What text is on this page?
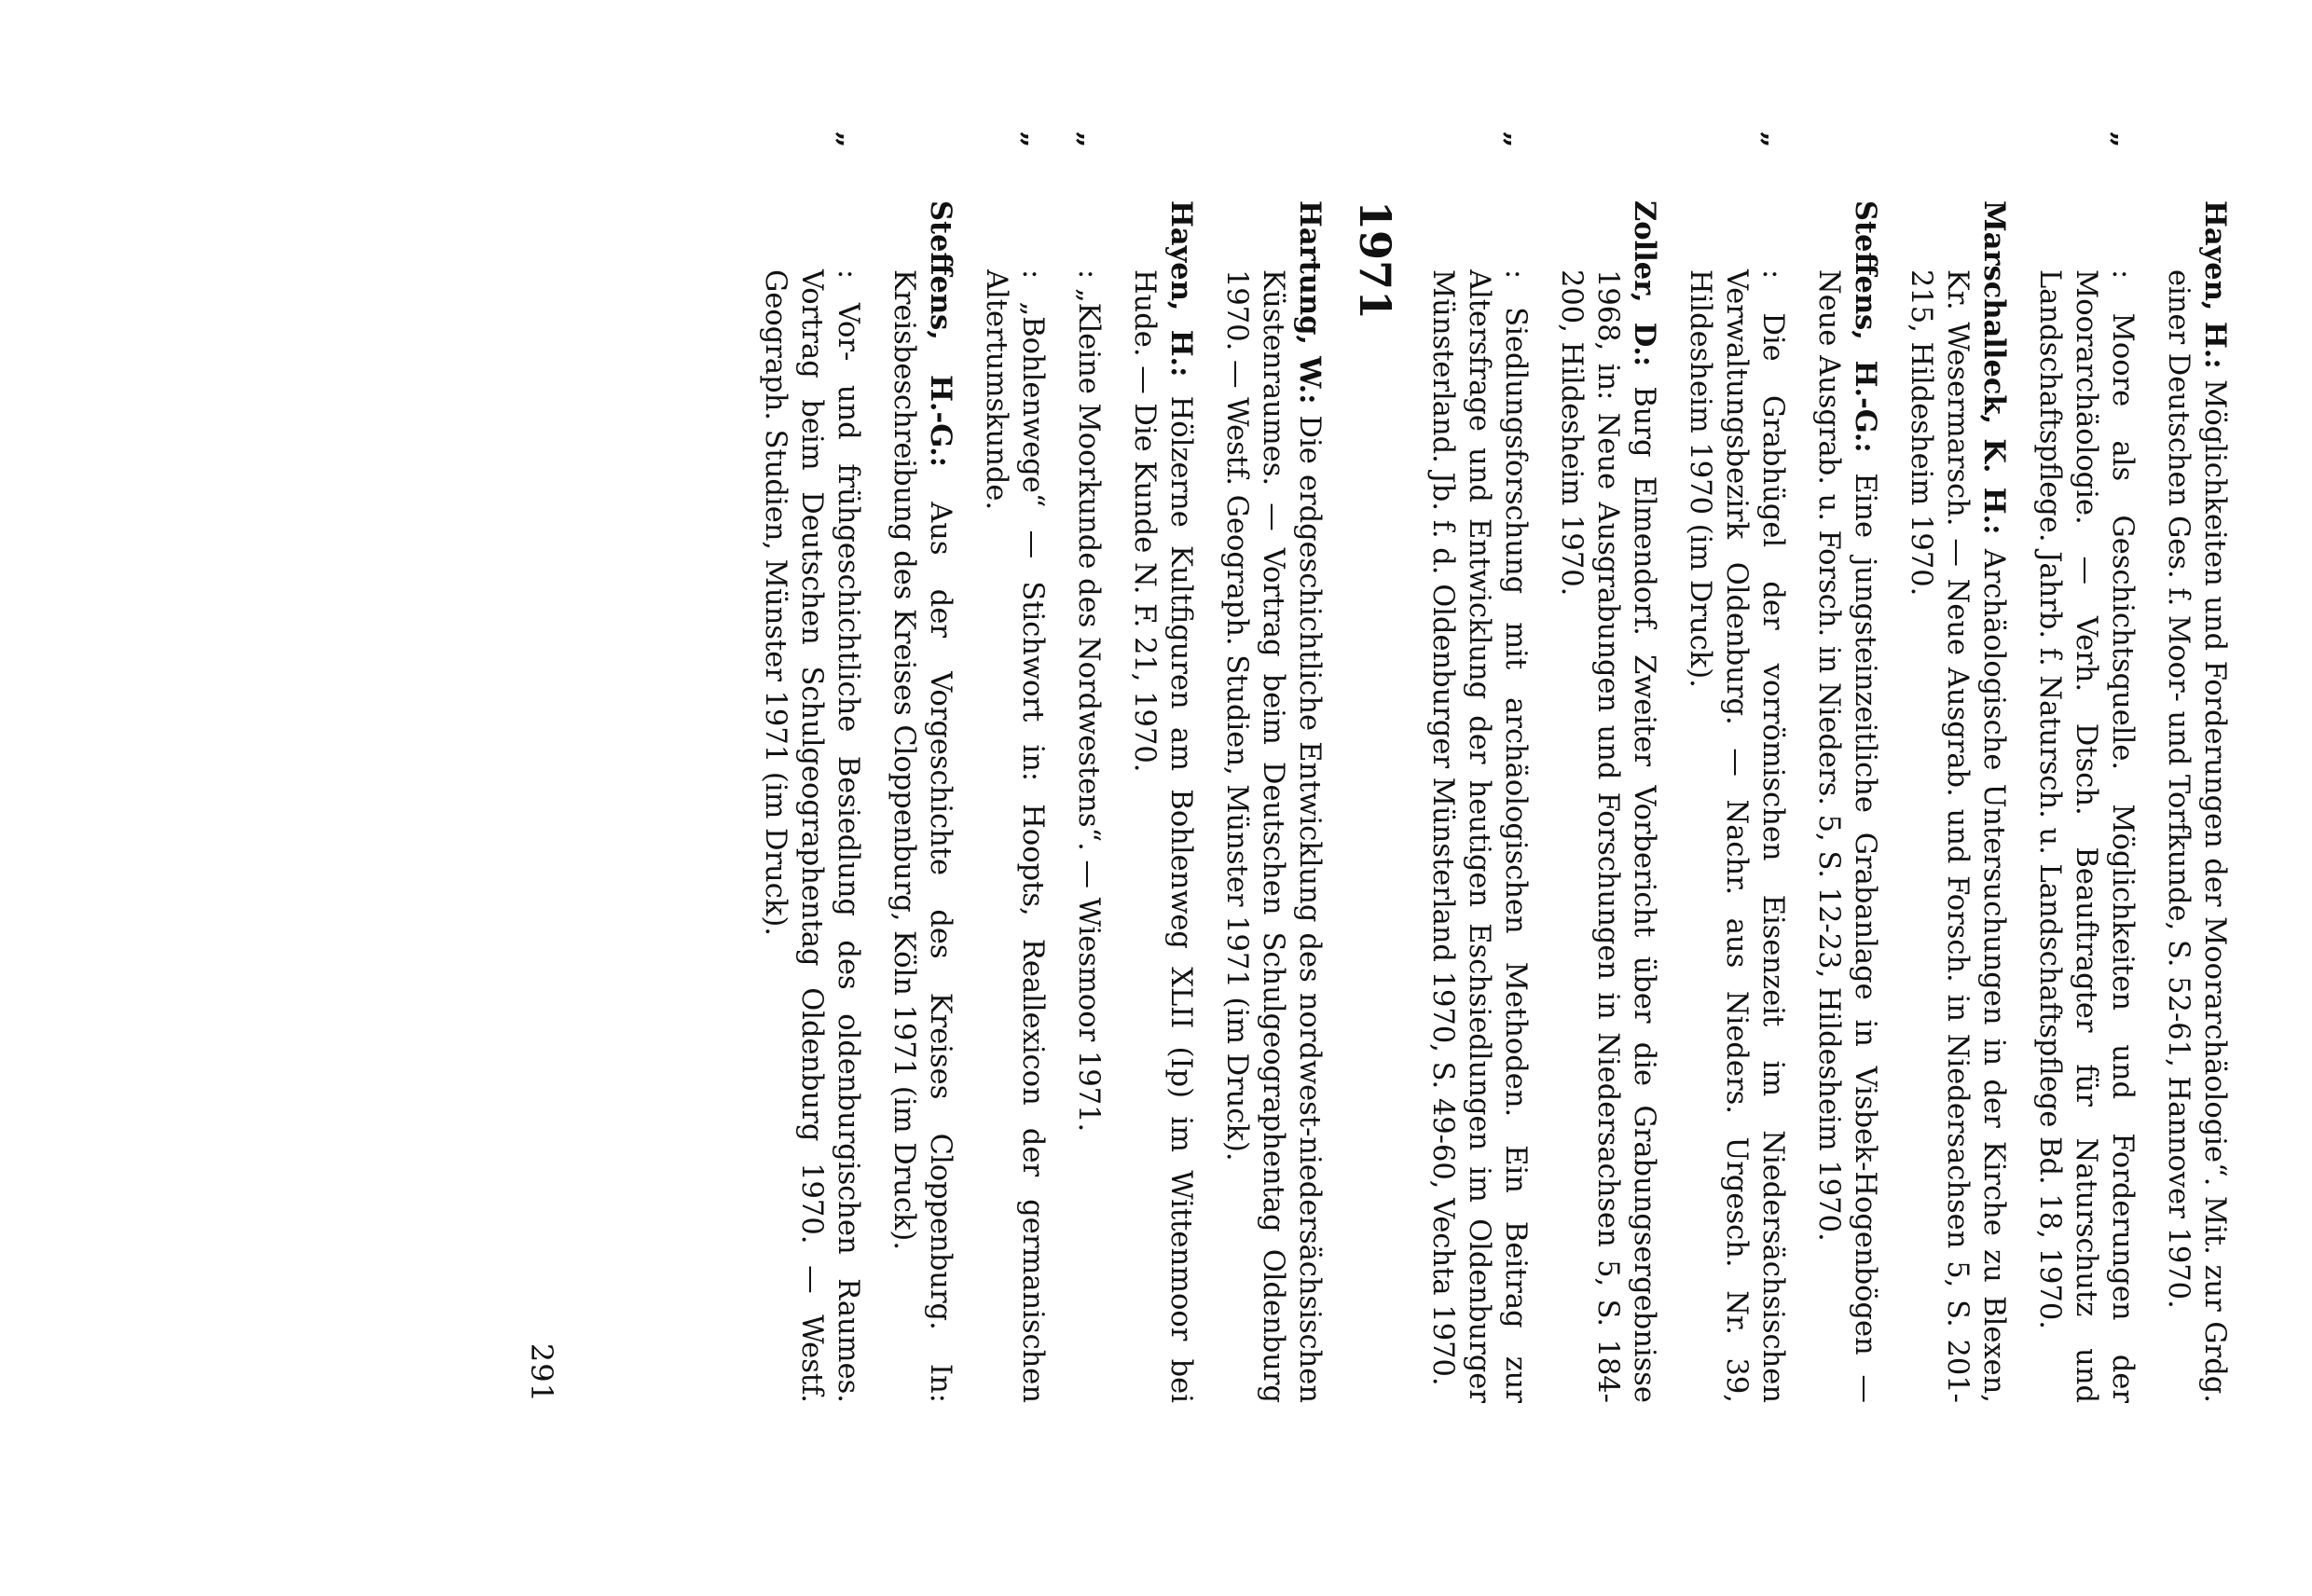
Hayen, H.: Möglichkeiten und Forderungen der Moorarchäologie“. Mit. zur Grdg. einer Deutschen Ges. f. Moor- und Torfkunde, S. 52-61, Hannover 1970.
„
: Moore als Geschichtsquelle. Möglichkeiten und Forderungen der Moorarchäologie. — Verh. Dtsch. Beauftragter für Naturschutz und Landschaftspflege. Jahrb. f. Natursch. u. Landschaftspflege Bd. 18, 1970.
Marschalleck, K. H.: Archäologische Untersuchungen in der Kirche zu Blexen, Kr. Wesermarsch. — Neue Ausgrab. und Forsch. in Niedersachsen 5, S. 201-215, Hildesheim 1970.
Steffens, H.-G.: Eine jungsteinzeitliche Grabanlage in Visbek-Hogenbögen — Neue Ausgrab. u. Forsch. in Nieders. 5, S. 12-23, Hildesheim 1970.
„
: Die Grabhügel der vorrömischen Eisenzeit im Niedersächsischen Verwaltungsbezirk Oldenburg. — Nachr. aus Nieders. Urgesch. Nr. 39, Hildesheim 1970 (im Druck).
Zoller, D.: Burg Elmendorf. Zweiter Vorbericht über die Grabungsergebnisse 1968, in: Neue Ausgrabungen und Forschungen in Niedersachsen 5, S. 184-200, Hildesheim 1970.
„
: Siedlungsforschung mit archäologischen Methoden. Ein Beitrag zur Altersfrage und Entwicklung der heutigen Eschsiedlungen im Oldenburger Münsterland. Jb. f. d. Oldenburger Münsterland 1970, S. 49-60, Vechta 1970.
1971
Hartung, W.: Die erdgeschichtliche Entwicklung des nordwest-niedersächsischen Küstenraumes. — Vortrag beim Deutschen Schulgeographentag Oldenburg 1970. — Westf. Geograph. Studien, Münster 1971 (im Druck).
Hayen, H.: Hölzerne Kultfiguren am Bohlenweg XLII (Ip) im Wittenmoor bei Hude. — Die Kunde N. F. 21, 1970.
„
: „Kleine Moorkunde des Nordwestens“. — Wiesmoor 1971.
„
: „Bohlenwege“ — Stichwort in: Hoopts, Reallexicon der germanischen Altertumskunde.
Steffens, H.-G.: Aus der Vorgeschichte des Kreises Cloppenburg. In: Kreisbeschreibung des Kreises Cloppenburg, Köln 1971 (im Druck).
„
: Vor- und frühgeschichtliche Besiedlung des oldenburgischen Raumes. Vortrag beim Deutschen Schulgeographentag Oldenburg 1970. — Westf. Geograph. Studien, Münster 1971 (im Druck).
291
